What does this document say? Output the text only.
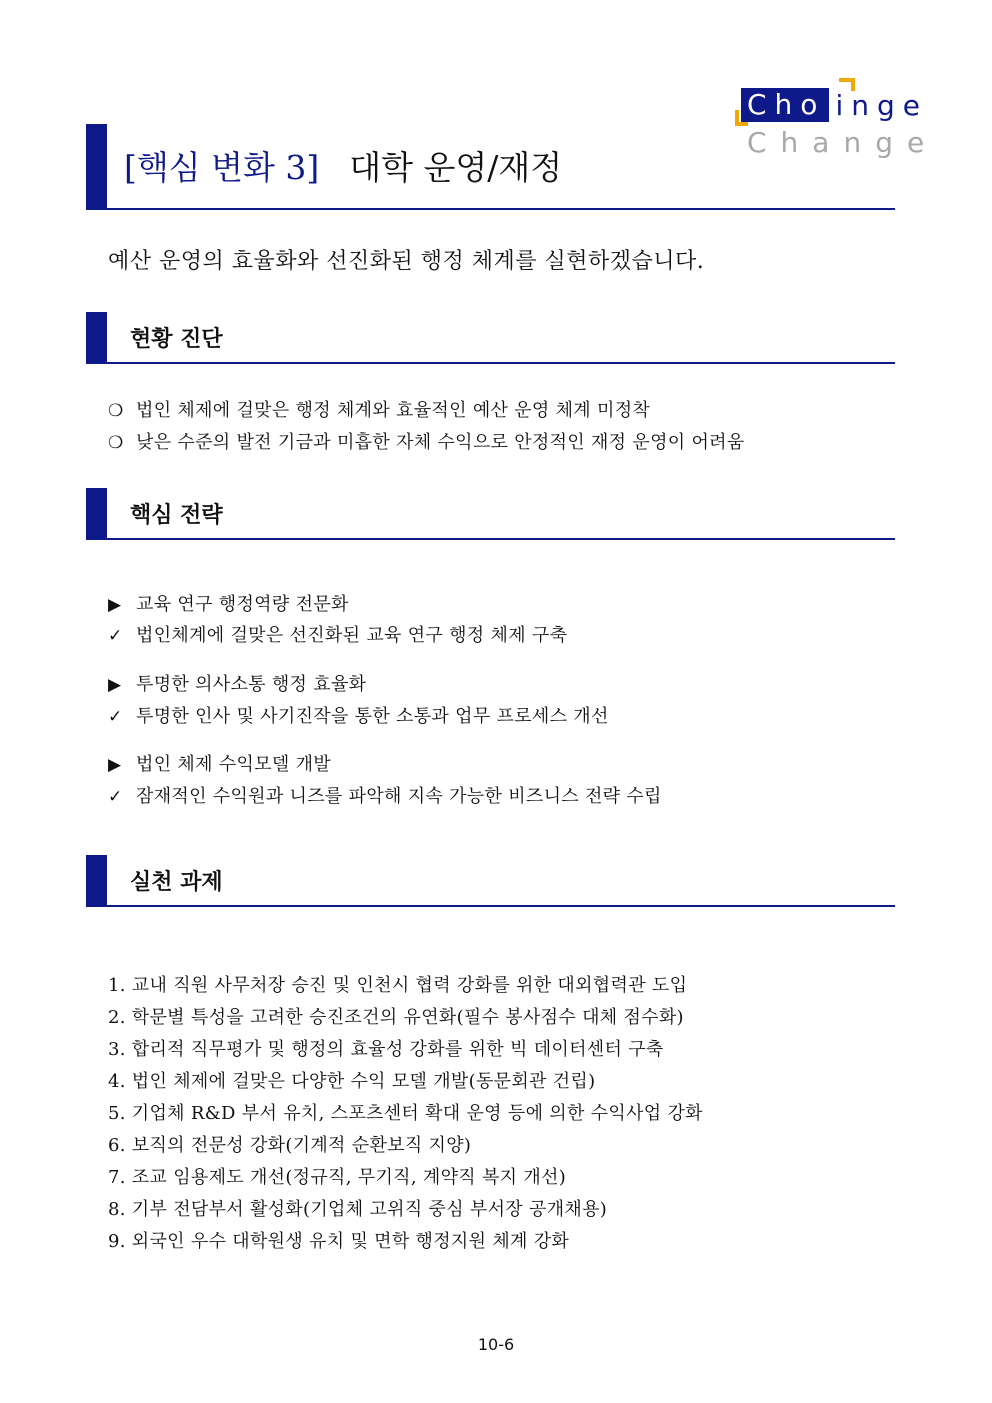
Cho i nge
Change
[핵심 변화 3] 대학 운영/재정
예산 운영의 효율화와 선진화된 행정 체계를 실현하겠습니다.
현황 진단
❍ 법인 체제에 걸맞은 행정 체계와 효율적인 예산 운영 체계 미정착
❍ 낮은 수준의 발전 기금과 미흡한 자체 수익으로 안정적인 재정 운영이 어려움
핵심 전략
▶ 교육 연구 행정역량 전문화
✓ 법인체계에 걸맞은 선진화된 교육 연구 행정 체제 구축
▶ 투명한 의사소통 행정 효율화
✓ 투명한 인사 및 사기진작을 통한 소통과 업무 프로세스 개선
▶ 법인 체제 수익모델 개발
✓ 잠재적인 수익원과 니즈를 파악해 지속 가능한 비즈니스 전략 수립
실천 과제
1. 교내 직원 사무처장 승진 및 인천시 협력 강화를 위한 대외협력관 도입
2. 학문별 특성을 고려한 승진조건의 유연화(필수 봉사점수 대체 점수화)
3. 합리적 직무평가 및 행정의 효율성 강화를 위한 빅 데이터센터 구축
4. 법인 체제에 걸맞은 다양한 수익 모델 개발(동문회관 건립)
5. 기업체 R&D 부서 유치, 스포츠센터 확대 운영 등에 의한 수익사업 강화
6. 보직의 전문성 강화(기계적 순환보직 지양)
7. 조교 임용제도 개선(정규직, 무기직, 계약직 복지 개선)
8. 기부 전담부서 활성화(기업체 고위직 중심 부서장 공개채용)
9. 외국인 우수 대학원생 유치 및 면학 행정지원 체계 강화
10-6
